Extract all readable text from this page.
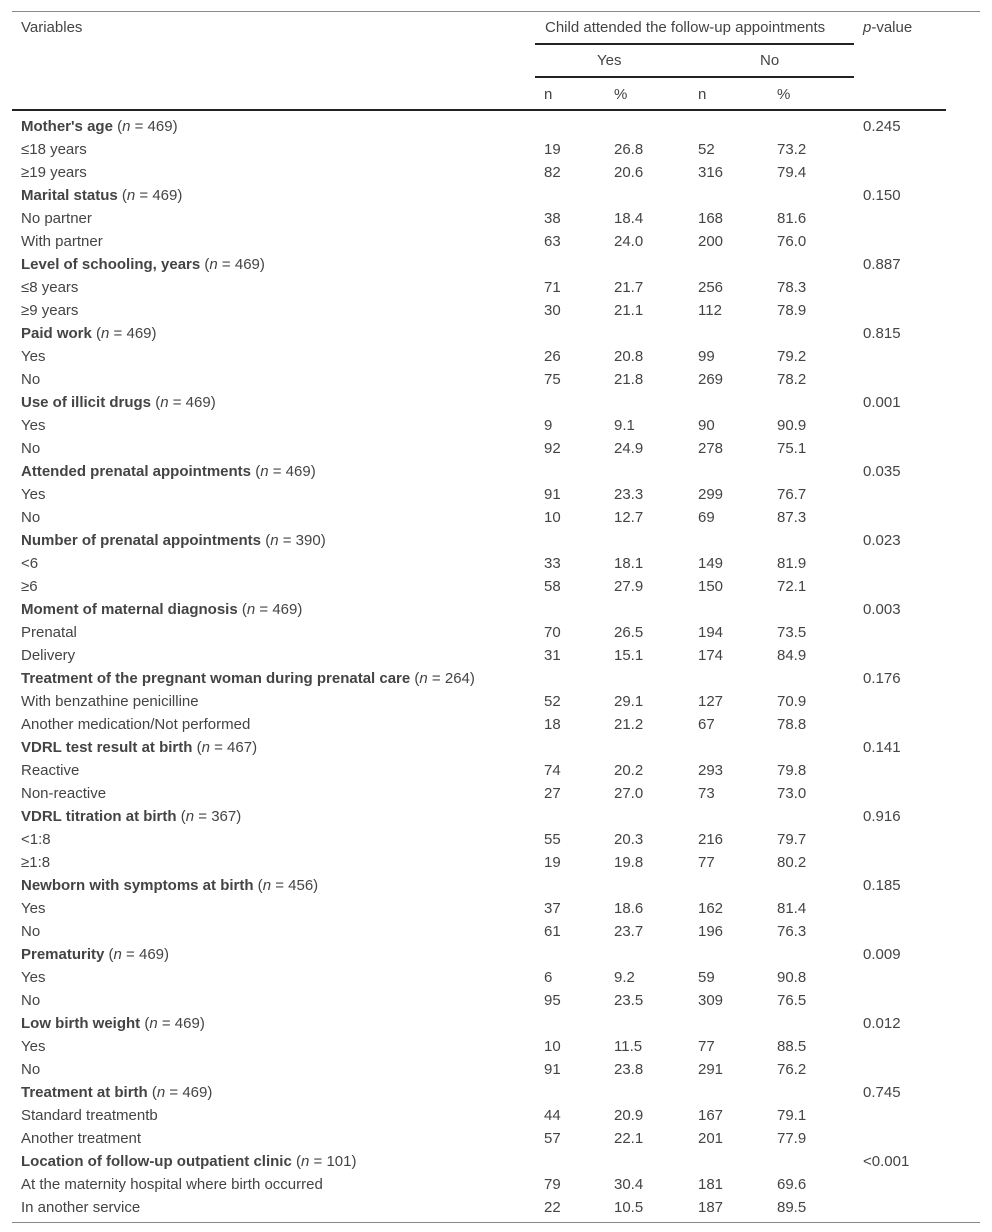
Variables	Child attended the follow-up appointments	p-value
Yes	No
n	%	n	%
Mother's age (n = 469)	0.245
≤18 years	19	26.8	52	73.2
≥19 years	82	20.6	316	79.4
Marital status (n = 469)	0.150
No partner	38	18.4	168	81.6
With partner	63	24.0	200	76.0
Level of schooling, years (n = 469)	0.887
≤8 years	71	21.7	256	78.3
≥9 years	30	21.1	112	78.9
Paid work (n = 469)	0.815
Yes	26	20.8	99	79.2
No	75	21.8	269	78.2
Use of illicit drugs (n = 469)	0.001
Yes	9	9.1	90	90.9
No	92	24.9	278	75.1
Attended prenatal appointments (n = 469)	0.035
Yes	91	23.3	299	76.7
No	10	12.7	69	87.3
Number of prenatal appointments (n = 390)	0.023
<6	33	18.1	149	81.9
≥6	58	27.9	150	72.1
Moment of maternal diagnosis (n = 469)	0.003
Prenatal	70	26.5	194	73.5
Delivery	31	15.1	174	84.9
Treatment of the pregnant woman during prenatal care (n = 264)	0.176
With benzathine penicilline	52	29.1	127	70.9
Another medication/Not performed	18	21.2	67	78.8
VDRL test result at birth (n = 467)	0.141
Reactive	74	20.2	293	79.8
Non-reactive	27	27.0	73	73.0
VDRL titration at birth (n = 367)	0.916
<1:8	55	20.3	216	79.7
≥1:8	19	19.8	77	80.2
Newborn with symptoms at birth (n = 456)	0.185
Yes	37	18.6	162	81.4
No	61	23.7	196	76.3
Prematurity (n = 469)	0.009
Yes	6	9.2	59	90.8
No	95	23.5	309	76.5
Low birth weight (n = 469)	0.012
Yes	10	11.5	77	88.5
No	91	23.8	291	76.2
Treatment at birth (n = 469)	0.745
Standard treatmentb	44	20.9	167	79.1
Another treatment	57	22.1	201	77.9
Location of follow-up outpatient clinic (n = 101)	<0.001
At the maternity hospital where birth occurred	79	30.4	181	69.6
In another service	22	10.5	187	89.5
